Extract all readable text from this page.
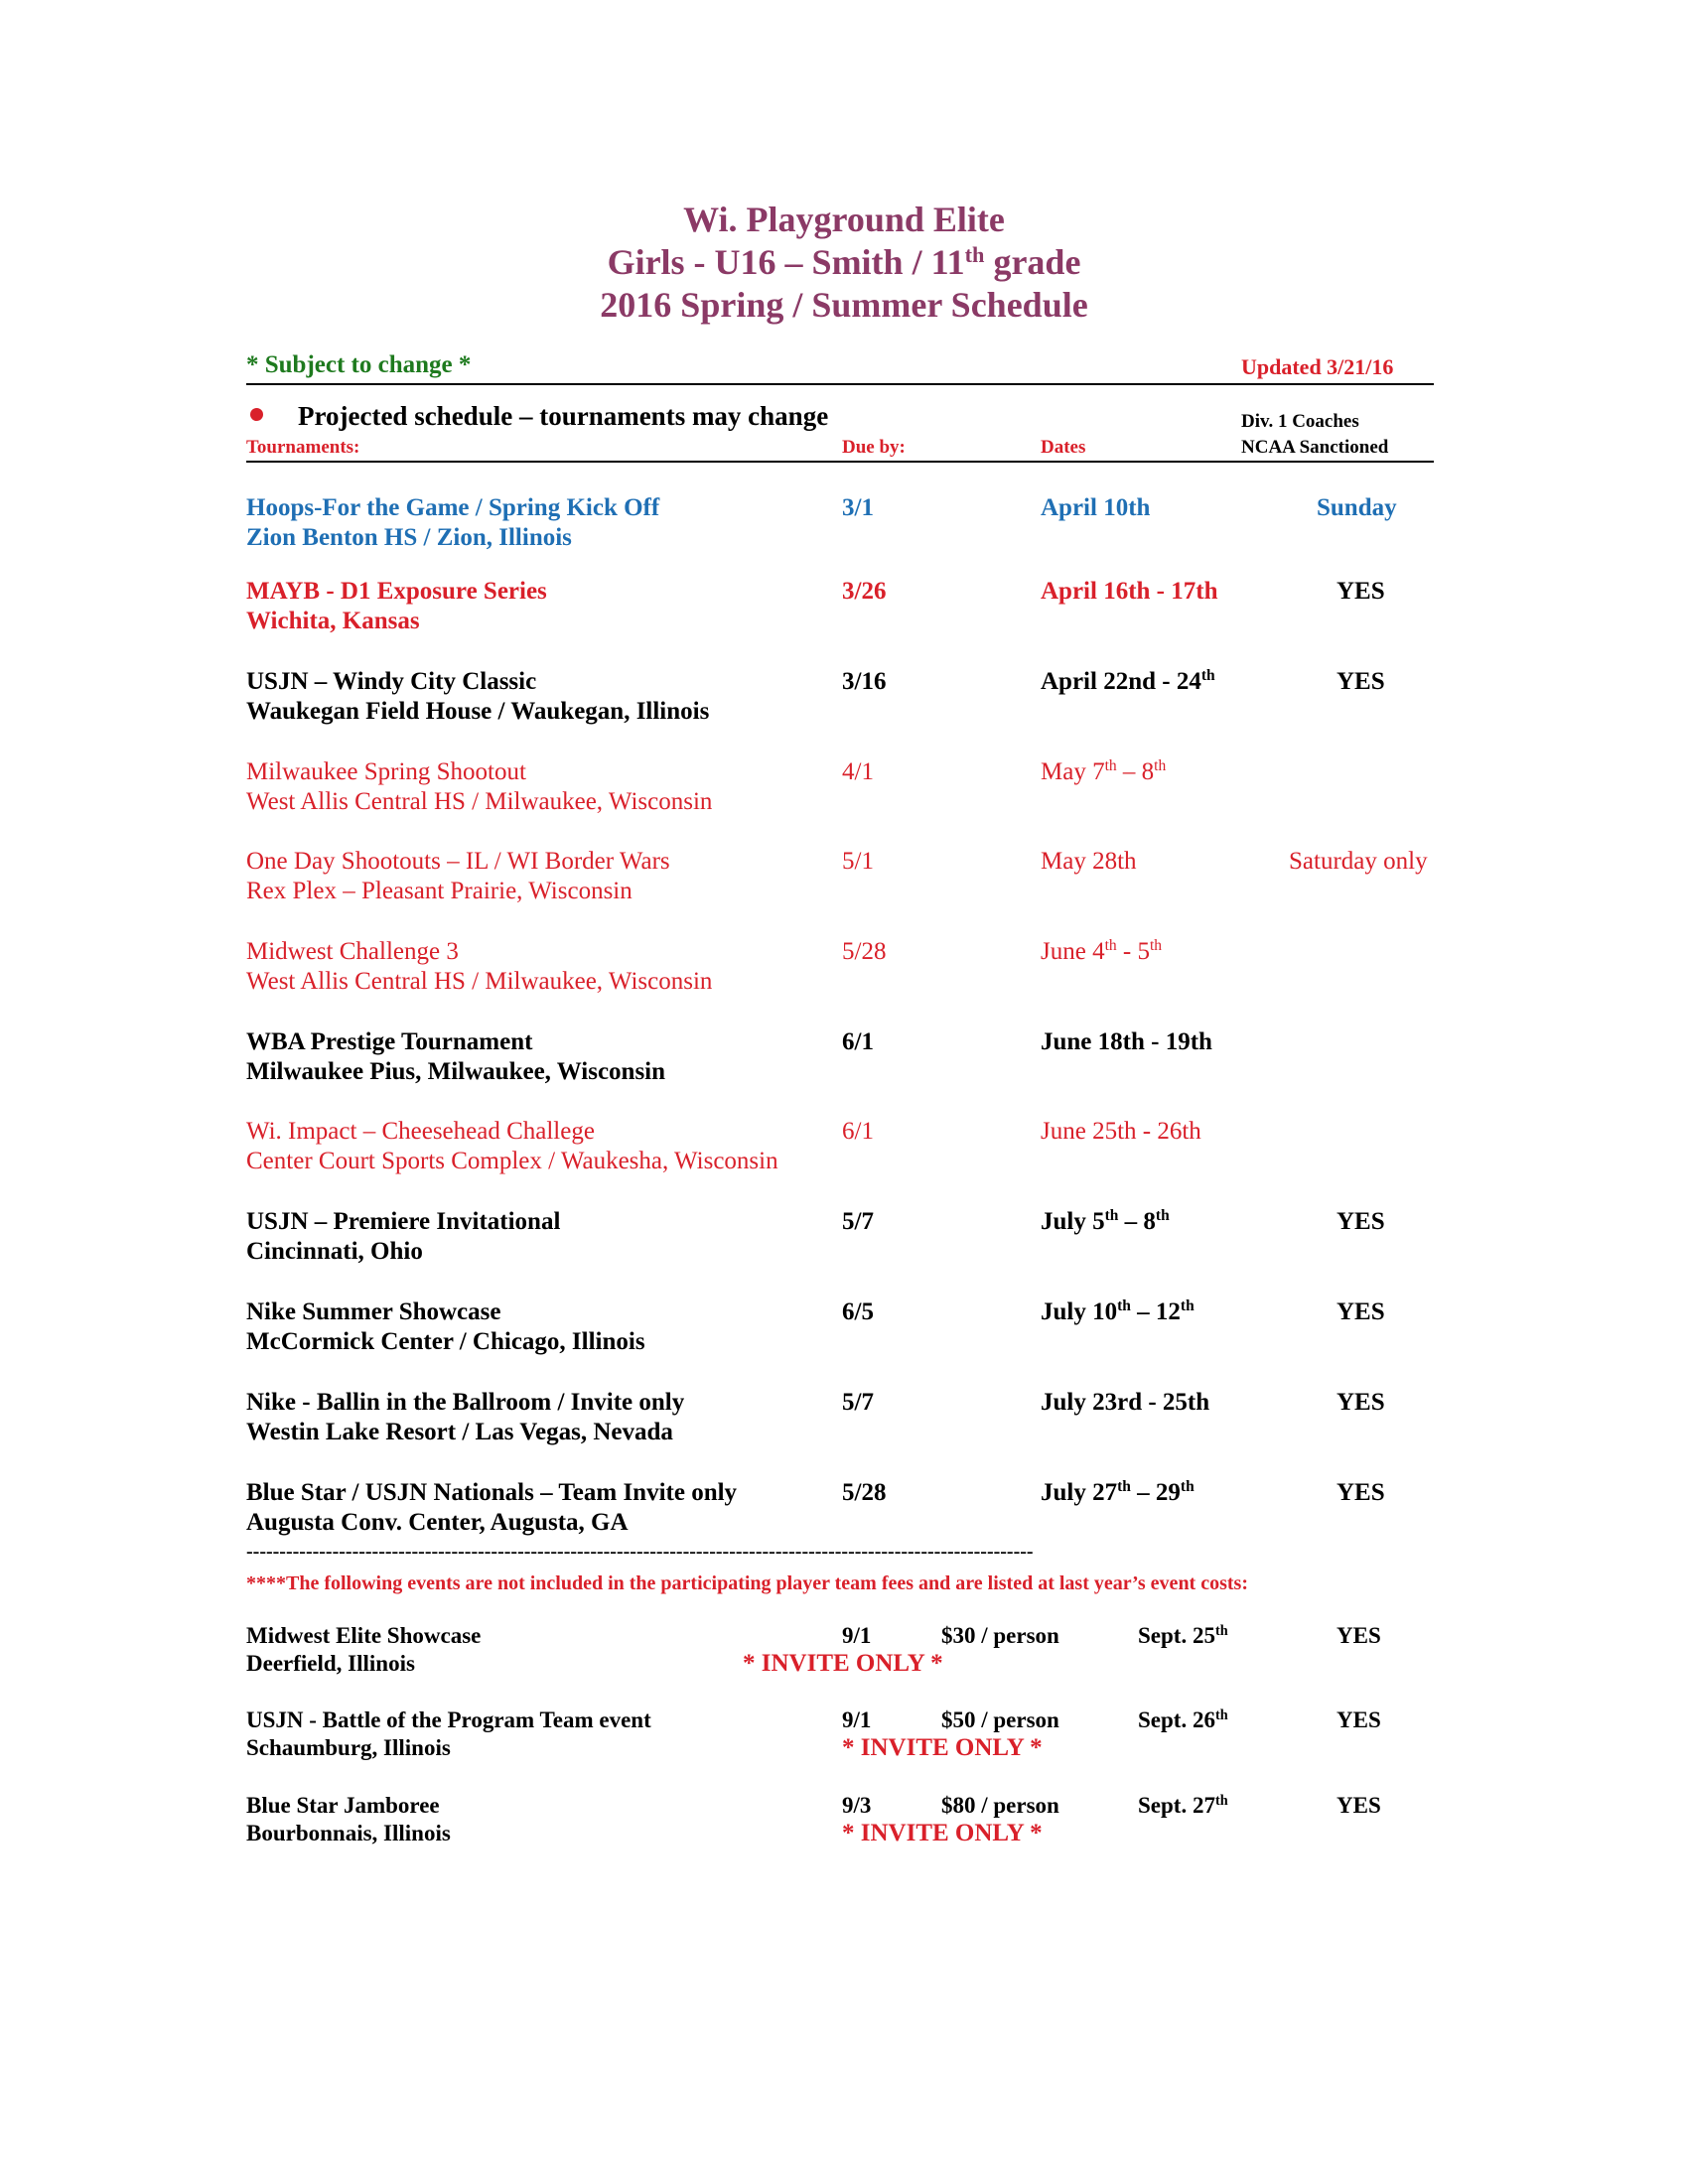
Wi. Playground Elite
Girls - U16 – Smith / 11th grade
2016 Spring / Summer Schedule
* Subject to change *	Updated 3/21/16
Projected schedule – tournaments may change	Div. 1 Coaches
Tournaments:	Due by:	Dates	NCAA Sanctioned
Hoops-For the Game / Spring Kick Off
Zion Benton HS / Zion, Illinois
3/1	April 10th	Sunday
MAYB - D1 Exposure Series
Wichita, Kansas
3/26	April 16th - 17th	YES
USJN – Windy City Classic
Waukegan Field House / Waukegan, Illinois
3/16	April 22nd - 24th	YES
Milwaukee Spring Shootout
West Allis Central HS / Milwaukee, Wisconsin
4/1	May 7th – 8th
One Day Shootouts – IL / WI Border Wars
Rex Plex – Pleasant Prairie, Wisconsin
5/1	May 28th	Saturday only
Midwest Challenge 3
West Allis Central HS / Milwaukee, Wisconsin
5/28	June 4th - 5th
WBA Prestige Tournament
Milwaukee Pius, Milwaukee, Wisconsin
6/1	June 18th - 19th
Wi. Impact – Cheesehead Challege
Center Court Sports Complex / Waukesha, Wisconsin
6/1	June 25th - 26th
USJN – Premiere Invitational
Cincinnati, Ohio
5/7	July 5th – 8th	YES
Nike Summer Showcase
McCormick Center / Chicago, Illinois
6/5	July 10th – 12th	YES
Nike - Ballin in the Ballroom / Invite only
Westin Lake Resort / Las Vegas, Nevada
5/7	July 23rd - 25th	YES
Blue Star / USJN Nationals – Team Invite only
Augusta Conv. Center, Augusta, GA
5/28	July 27th – 29th	YES
-----------------------------------------------------------------------------------------------------------------------
****The following events are not included in the participating player team fees and are listed at last year’s event costs:
Midwest Elite Showcase
Deerfield, Illinois
9/1	$30 / person	Sept. 25th	YES
* INVITE ONLY *
USJN - Battle of the Program Team event
Schaumburg, Illinois
9/1	$50 / person	Sept. 26th	YES
* INVITE ONLY *
Blue Star Jamboree
Bourbonnais, Illinois
9/3	$80 / person	Sept. 27th	YES
* INVITE ONLY *
